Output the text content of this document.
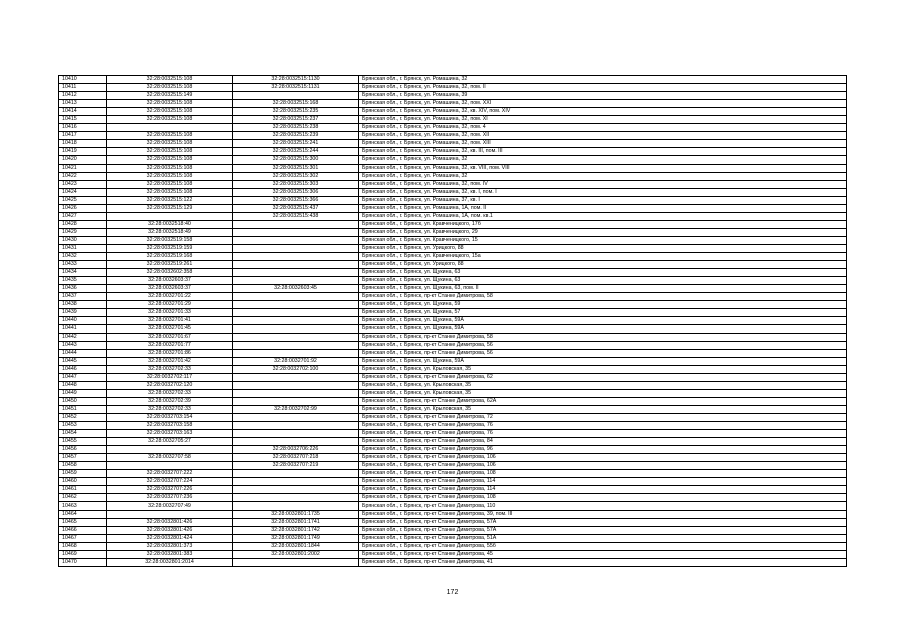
10410	32:28:0032515:108	32:28:0032515:1130	Брянская обл., г. Брянск, ул. Ромашина, 32
10411	32:28:0032515:108	32:28:0032515:1131	Брянская обл., г. Брянск, ул. Ромашина, 32, пом. II
10412	32:28:0032515:149		Брянская обл., г. Брянск, ул. Ромашина, 39
10413	32:28:0032515:108	32:28:0032515:168	Брянская обл., г. Брянск, ул. Ромашина, 32, пом. XXI
10414	32:28:0032515:108	32:28:0032515:235	Брянская обл., г. Брянск, ул. Ромашина, 32, кв. XIV, пом. XIV
10415	32:28:0032515:108	32:28:0032515:237	Брянская обл., г. Брянск, ул. Ромашина, 32, пом. XI
10416		32:28:0032515:238	Брянская обл., г. Брянск, ул. Ромашина, 32, пом. 4
10417	32:28:0032515:108	32:28:0032515:239	Брянская обл., г. Брянск, ул. Ромашина, 32, пом. XII
10418	32:28:0032515:108	32:28:0032515:241	Брянская обл., г. Брянск, ул. Ромашина, 32, пом. XIII
10419	32:28:0032515:108	32:28:0032515:244	Брянская обл., г. Брянск, ул. Ромашина, 32, кв. III, пом. III
10420	32:28:0032515:108	32:28:0032515:300	Брянская обл., г. Брянск, ул. Ромашина, 32
10421	32:28:0032515:108	32:28:0032515:301	Брянская обл., г. Брянск, ул. Ромашина, 32, кв. VIII, пом. VIII
10422	32:28:0032515:108	32:28:0032515:302	Брянская обл., г. Брянск, ул. Ромашина, 32
10423	32:28:0032515:108	32:28:0032515:303	Брянская обл., г. Брянск, ул. Ромашина, 32, пом. IV
10424	32:28:0032515:108	32:28:0032515:306	Брянская обл., г. Брянск, ул. Ромашина, 32, кв. I, пом. I
10425	32:28:0032515:122	32:28:0032515:366	Брянская обл., г. Брянск, ул. Ромашина, 37, кв. I
10426	32:28:0032515:129	32:28:0032515:437	Брянская обл., г. Брянск, ул. Ромашина, 1А, пом. II
10427		32:28:0032515:438	Брянская обл., г. Брянск, ул. Ромашина, 1А, пом. кв.1
10428	32:28:0032518:40		Брянская обл., г. Брянск, ул. Кравченицкого, 17б
10429	32:28:0032518:49		Брянская обл., г. Брянск, ул. Кравченицкого, 29
10430	32:28:0032519:158		Брянская обл., г. Брянск, ул. Кравченицкого, 15
10431	32:28:0032519:159		Брянская обл., г. Брянск, ул. Урицкого, 88
10432	32:28:0032519:168		Брянская обл., г. Брянск, ул. Кравченицкого, 15а
10433	32:28:0032519:261		Брянская обл., г. Брянск, ул. Урицкого, 88
10434	32:28:0032602:358		Брянская обл., г. Брянск, ул. Щукина, 63
10435	32:28:0032603:37		Брянская обл., г. Брянск, ул. Щукина, 63
10436	32:28:0032603:37	32:28:0032603:45	Брянская обл., г. Брянск, ул. Щукина, 63, пом. II
10437	32:28:0032701:22		Брянская обл., г. Брянск, пр-кт Станке Димитрова, 58
10438	32:28:0032701:29		Брянская обл., г. Брянск, ул. Щукина, 59
10439	32:28:0032701:33		Брянская обл., г. Брянск, ул. Щукина, 57
10440	32:28:0032701:41		Брянская обл., г. Брянск, ул. Щукина, 59А
10441	32:28:0032701:45		Брянская обл., г. Брянск, ул. Щукина, 59А
10442	32:28:0032701:67		Брянская обл., г. Брянск, пр-кт Станке Димитрова, 58
10443	32:28:0032701:77		Брянская обл., г. Брянск, пр-кт Станке Димитрова, 56
10444	32:28:0032701:86		Брянская обл., г. Брянск, пр-кт Станке Димитрова, 56
10445	32:28:0032701:42	32:28:0032701:92	Брянская обл., г. Брянск, ул. Щукина, 59А
10446	32:28:0032702:33	32:28:0032702:100	Брянская обл., г. Брянск, ул. Крыловская, 35
10447	32:28:0032702:117		Брянская обл., г. Брянск, пр-кт Станке Димитрова, 62
10448	32:28:0032702:120		Брянская обл., г. Брянск, ул. Крыловская, 35
10449	32:28:0032702:33		Брянская обл., г. Брянск, ул. Крыловская, 35
10450	32:28:0032702:39		Брянская обл., г. Брянск, пр-кт Станке Димитрова, 62А
10451	32:28:0032702:33	32:28:0032702:99	Брянская обл., г. Брянск, ул. Крыловская, 35
10452	32:28:0032703:154		Брянская обл., г. Брянск, пр-кт Станке Димитрова, 72
10453	32:28:0032703:158		Брянская обл., г. Брянск, пр-кт Станке Димитрова, 76
10454	32:28:0032703:163		Брянская обл., г. Брянск, пр-кт Станке Димитрова, 76
10455	32:28:0032705:27		Брянская обл., г. Брянск, пр-кт Станке Димитрова, 84
10456		32:28:0032706:226	Брянская обл., г. Брянск, пр-кт Станке Димитрова, 96
10457	32:28:0032707:58	32:28:0032707:218	Брянская обл., г. Брянск, пр-кт Станке Димитрова, 106
10458		32:28:0032707:219	Брянская обл., г. Брянск, пр-кт Станке Димитрова, 106
10459	32:28:0032707:222		Брянская обл., г. Брянск, пр-кт Станке Димитрова, 108
10460	32:28:0032707:224		Брянская обл., г. Брянск, пр-кт Станке Димитрова, 114
10461	32:28:0032707:226		Брянская обл., г. Брянск, пр-кт Станке Димитрова, 114
10462	32:28:0032707:236		Брянская обл., г. Брянск, пр-кт Станке Димитрова, 108
10463	32:28:0032707:49		Брянская обл., г. Брянск, пр-кт Станке Димитрова, 110
10464		32:28:0032801:1735	Брянская обл., г. Брянск, пр-кт Станке Димитрова, 39, пом. III
10465	32:28:0032801:426	32:28:0032801:1741	Брянская обл., г. Брянск, пр-кт Станке Димитрова, 57А
10466	32:28:0032801:426	32:28:0032801:1742	Брянская обл., г. Брянск, пр-кт Станке Димитрова, 57А
10467	32:28:0032801:424	32:28:0032801:1749	Брянская обл., г. Брянск, пр-кт Станке Димитрова, 51А
10468	32:28:0032801:373	32:28:0032801:1844	Брянская обл., г. Брянск, пр-кт Станке Димитрова, 55б
10469	32:28:0032801:383	32:28:0032801:2002	Брянская обл., г. Брянск, пр-кт Станке Димитрова, 45
10470	32:28:0032801:2014		Брянская обл., г. Брянск, пр-кт Станке Димитрова, 41
172
